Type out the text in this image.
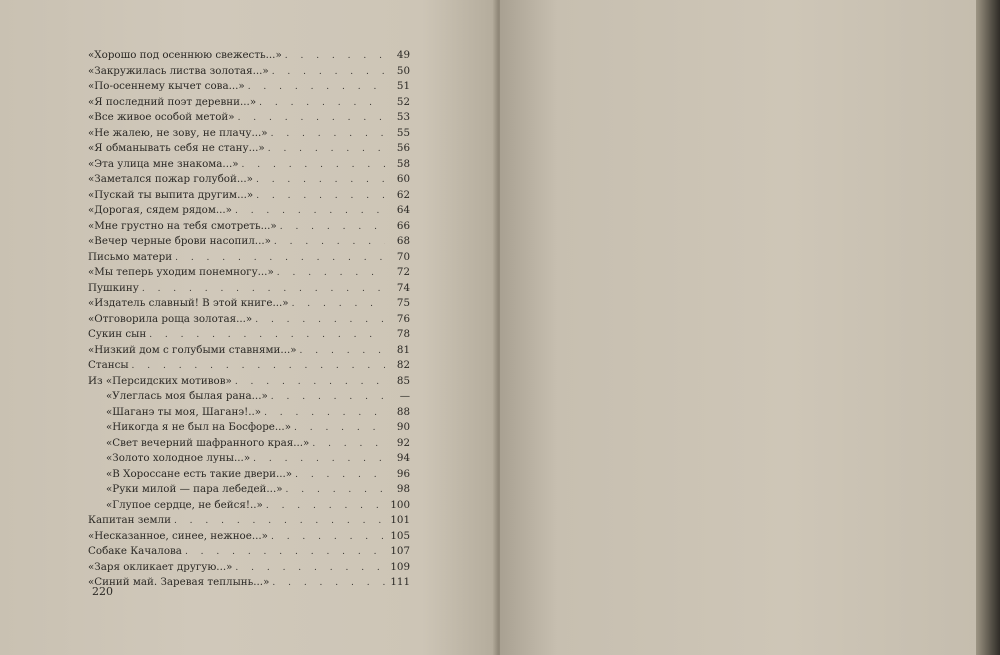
«Хорошо под осеннюю свежесть...» . . .	49
«Закружилась листва золотая...» . . .	50
«По-осеннему кычет сова...» . . .	51
«Я последний поэт деревни...» . . .	52
«Все живое особой метой» . . .	53
«Не жалею, не зову, не плачу...» . . .	55
«Я обманывать себя не стану...» . . .	56
«Эта улица мне знакома...» . . .	58
«Заметался пожар голубой...» . . .	60
«Пускай ты выпита другим...» . . .	62
«Дорогая, сядем рядом...» . . .	64
«Мне грустно на тебя смотреть...» . . .	66
«Вечер черные брови насопил...» . . .	68
Письмо матери . . .	70
«Мы теперь уходим понемногу...» . . .	72
Пушкину . . .	74
«Издатель славный! В этой книге...» . . .	75
«Отговорила роща золотая...» . . .	76
Сукин сын . . .	78
«Низкий дом с голубыми ставнями...» . . .	81
Стансы . . .	82
Из «Персидских мотивов» . . .	85
«Улеглась моя былая рана...» . . .	—
«Шаганэ ты моя, Шаганэ!..» . . .	88
«Никогда я не был на Босфоре...» . . .	90
«Свет вечерний шафранного края...» . . .	92
«Золото холодное луны...» . . .	94
«В Хороссане есть такие двери...» . . .	96
«Руки милой — пара лебедей...» . . .	98
«Глупое сердце, не бейся!..» . . .	100
Капитан земли . . .	101
«Несказанное, синее, нежное...» . . .	105
Собаке Качалова . . .	107
«Заря окликает другую...» . . .	109
«Синий май. Заревая теплынь...» . . .	111
220
